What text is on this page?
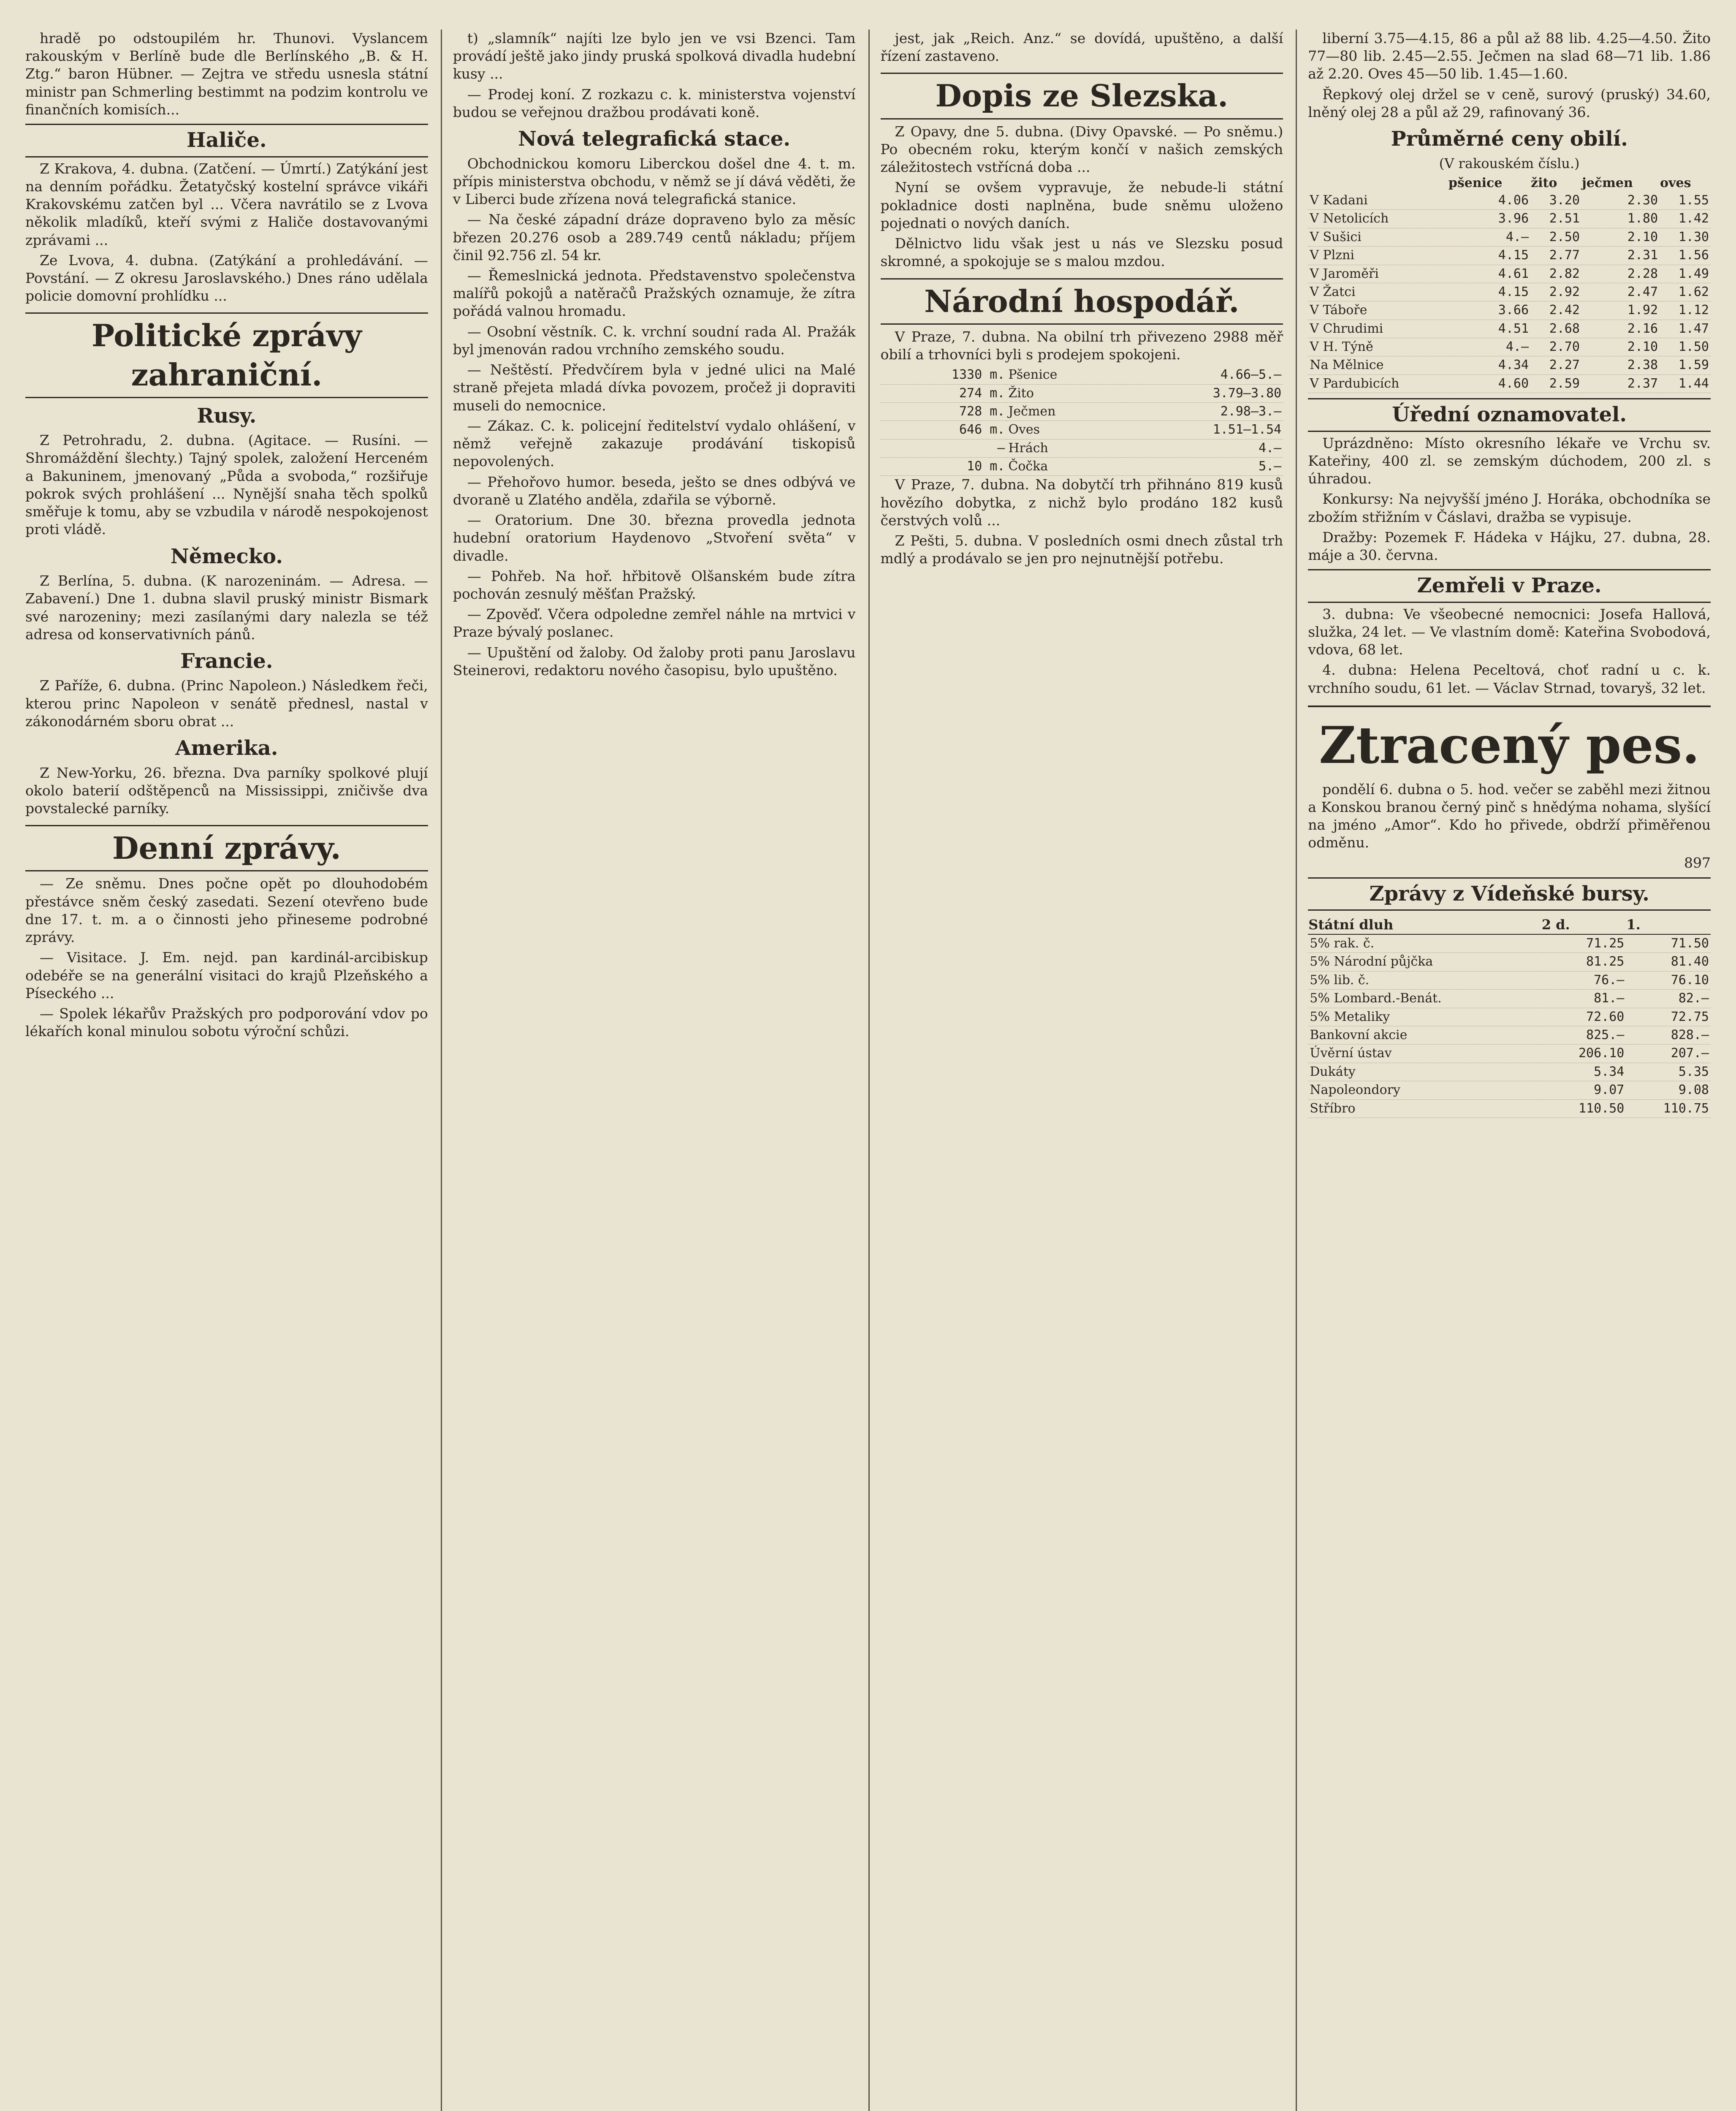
hradě po odstoupilém hr. Thunovi. Vyslancem rakouským v Berlíně bude dle Berlínského „B. & H. Ztg.“ baron Hübner. — Zejtra ve středu usnesla státní ministr pan Schmerling bestimmt na podzim kontrolu ve finančních komisích...

Haliče.

Z Krakova, 4. dubna. (Zatčení. — Úmrtí.) Zatýkání jest na denním pořádku. Žetatyčský kostelní správce vikáři Krakovskému zatčen byl ... Včera navrátilo se z Lvova několik mladíků, kteří svými z Haliče dostavovanými zprávami ...

Ze Lvova, 4. dubna. (Zatýkání a prohledávání. — Povstání. — Z okresu Jaroslavského.) Dnes ráno udělala policie domovní prohlídku ...

Politické zprávy zahraniční.
Rusy.

Z Petrohradu, 2. dubna. (Agitace. — Rusíni. — Shromáždění šlechty.) Tajný spolek, založení Herceném a Bakuninem, jmenovaný „Půda a svoboda,“ rozšiřuje pokrok svých prohlášení ... Nynější snaha těch spolků směřuje k tomu, aby se vzbudila v národě nespokojenost proti vládě.

Německo.

Z Berlína, 5. dubna. (K narozeninám. — Adresa. — Zabavení.) Dne 1. dubna slavil pruský ministr Bismark své narozeniny; mezi zasílanými dary nalezla se též adresa od konservativních pánů.

Francie.

Z Paříže, 6. dubna. (Princ Napoleon.) Následkem řeči, kterou princ Napoleon v senátě přednesl, nastal v zákonodárném sboru obrat ...

Amerika.

Z New-Yorku, 26. března. Dva parníky spolkové plují okolo baterií odštěpenců na Mississippi, zničivše dva povstalecké parníky.

Denní zprávy.

— Ze sněmu. Dnes počne opět po dlouhodobém přestávce sněm český zasedati. Sezení otevřeno bude dne 17. t. m. a o činnosti jeho přineseme podrobné zprávy.

— Visitace. J. Em. nejd. pan kardinál-arcibiskup odebéře se na generální visitaci do krajů Plzeňského a Píseckého ...

— Spolek lékařův Pražských pro podporování vdov po lékařích konal minulou sobotu výroční schůzi.

t) „slamník“ najíti lze bylo jen ve vsi Bzenci. Tam provádí ještě jako jindy pruská spolková divadla hudební kusy ...

— Prodej koní. Z rozkazu c. k. ministerstva vojenství budou se veřejnou dražbou prodávati koně.

Nová telegrafická stace.

Obchodnickou komoru Liberckou došel dne 4. t. m. přípis ministerstva obchodu, v němž se jí dává věděti, že v Liberci bude zřízena nová telegrafická stanice.

— Na české západní dráze dopraveno bylo za měsíc březen 20.276 osob a 289.749 centů nákladu; příjem činil 92.756 zl. 54 kr.

— Řemeslnická jednota. Představenstvo společenstva malířů pokojů a natěračů Pražských oznamuje, že zítra pořádá valnou hromadu.

— Osobní věstník. C. k. vrchní soudní rada Al. Pražák byl jmenován radou vrchního zemského soudu.

— Neštěstí. Předvčírem byla v jedné ulici na Malé straně přejeta mladá dívka povozem, pročež ji dopraviti museli do nemocnice.

— Zákaz. C. k. policejní ředitelství vydalo ohlášení, v němž veřejně zakazuje prodávání tiskopisů nepovolených.

— Přehořovo humor. beseda, ješto se dnes odbývá ve dvoraně u Zlatého anděla, zdařila se výborně.

— Oratorium. Dne 30. března provedla jednota hudební oratorium Haydenovo „Stvoření světa“ v divadle.

— Pohřeb. Na hoř. hřbitově Olšanském bude zítra pochován zesnulý měšťan Pražský.

— Zpověď. Včera odpoledne zemřel náhle na mrtvici v Praze bývalý poslanec.

— Upuštění od žaloby. Od žaloby proti panu Jaroslavu Steinerovi, redaktoru nového časopisu, bylo upuštěno.

jest, jak „Reich. Anz.“ se dovídá, upuštěno, a další řízení zastaveno.

Dopis ze Slezska.

Z Opavy, dne 5. dubna. (Divy Opavské. — Po sněmu.) Po obecném roku, kterým končí v našich zemských záležitostech vstřícná doba ...

Nyní se ovšem vypravuje, že nebude-li státní pokladnice dosti naplněna, bude sněmu uloženo pojednati o nových daních.

Dělnictvo lidu však jest u nás ve Slezsku posud skromné, a spokojuje se s malou mzdou.

Národní hospodář.

V Praze, 7. dubna. Na obilní trh přivezeno 2988 měř obilí a trhovníci byli s prodejem spokojeni.

1330 m.	Pšenice	4.66—5.—
274 m.	Žito	3.79—3.80
728 m.	Ječmen	2.98—3.—
646 m.	Oves	1.51—1.54
—	Hrách	4.—
10 m.	Čočka	5.—

V Praze, 7. dubna. Na dobytčí trh přihnáno 819 kusů hovězího dobytka, z nichž bylo prodáno 182 kusů čerstvých volů ...

Z Pešti, 5. dubna. V posledních osmi dnech zůstal trh mdlý a prodávalo se jen pro nejnutnější potřebu.

liberní 3.75—4.15, 86 a půl až 88 lib. 4.25—4.50. Žito 77—80 lib. 2.45—2.55. Ječmen na slad 68—71 lib. 1.86 až 2.20. Oves 45—50 lib. 1.45—1.60.

Řepkový olej držel se v ceně, surový (pruský) 34.60, lněný olej 28 a půl až 29, rafinovaný 36.

Průměrné ceny obilí.
(V rakouském číslu.)
	pšenice	žito	ječmen	oves
V Kadani	4.06	3.20	2.30	1.55
V Netolicích	3.96	2.51	1.80	1.42
V Sušici	4.—	2.50	2.10	1.30
V Plzni	4.15	2.77	2.31	1.56
V Jaroměři	4.61	2.82	2.28	1.49
V Žatci	4.15	2.92	2.47	1.62
V Táboře	3.66	2.42	1.92	1.12
V Chrudimi	4.51	2.68	2.16	1.47
V H. Týně	4.—	2.70	2.10	1.50
Na Mělnice	4.34	2.27	2.38	1.59
V Pardubicích	4.60	2.59	2.37	1.44
Úřední oznamovatel.

Uprázdněno: Místo okresního lékaře ve Vrchu sv. Kateřiny, 400 zl. se zemským dúchodem, 200 zl. s úhradou.

Konkursy: Na nejvyšší jméno J. Horáka, obchodníka se zbožím střižním v Čáslavi, dražba se vypisuje.

Dražby: Pozemek F. Hádeka v Hájku, 27. dubna, 28. máje a 30. června.

Zemřeli v Praze.

3. dubna: Ve všeobecné nemocnici: Josefa Hallová, služka, 24 let. — Ve vlastním domě: Kateřina Svobodová, vdova, 68 let.

4. dubna: Helena Peceltová, choť radní u c. k. vrchního soudu, 61 let. — Václav Strnad, tovaryš, 32 let.

Ztracený pes.

pondělí 6. dubna o 5. hod. večer se zaběhl mezi žitnou a Konskou branou černý pinč s hnědýma nohama, slyšící na jméno „Amor“. Kdo ho přivede, obdrží přiměřenou odměnu.

897
Zprávy z Vídeňské bursy.
Státní dluh	2 d.	1.
5% rak. č.	71.25	71.50
5% Národní půjčka	81.25	81.40
5% lib. č.	76.—	76.10
5% Lombard.-Benát.	81.—	82.—
5% Metaliky	72.60	72.75
Bankovní akcie	825.—	828.—
Úvěrní ústav	206.10	207.—
Dukáty	5.34	5.35
Napoleondory	9.07	9.08
Stříbro	110.50	110.75
